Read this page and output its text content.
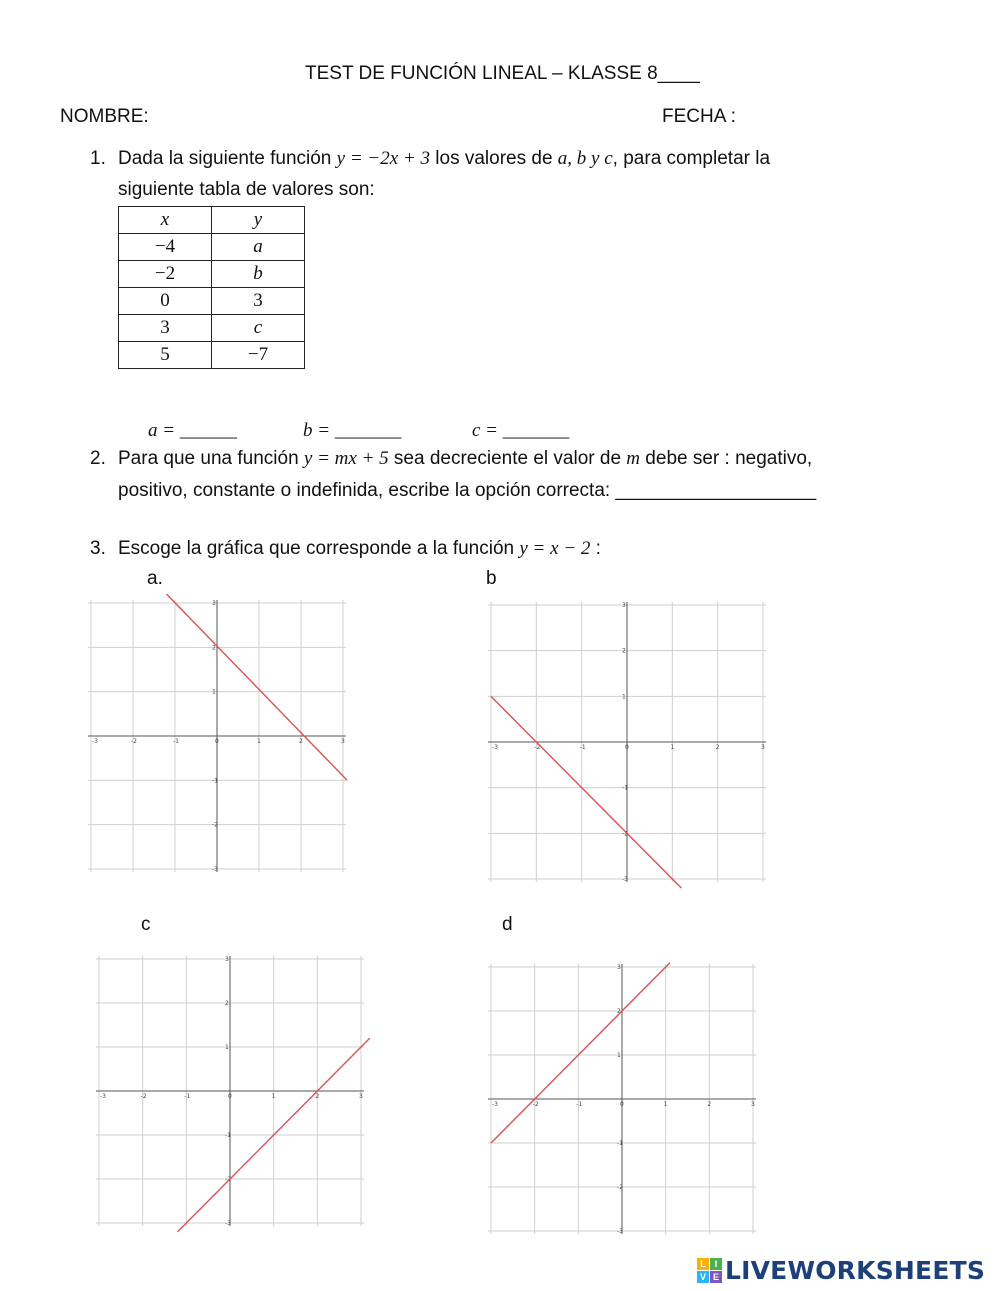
TEST DE FUNCIÓN LINEAL – KLASSE 8____
NOMBRE:	FECHA :
1. Dada la siguiente función y = −2x + 3 los valores de a, b y c, para completar la
siguiente tabla de valores son:
x	y
−4	a
−2	b
0	3
3	c
5	−7
a = ______	b = _______	c = _______
2. Para que una función y = mx + 5 sea decreciente el valor de m debe ser : negativo,
positivo, constante o indefinida, escribe la opción correcta: ___________________
3. Escoge la gráfica que corresponde a la función y = x − 2 :
a.	b
c	d
-3
-3
-2
-2
-1
-1
0	1
1
2
2
3
3
-3
-3
-2
-2
-1
-1
0	1
1
2
2
3
3
-3
-3
-2
-2
-1
-1
0	1
1
2
2
3
3
-3
-3
-2
-2
-1
-1
0	1
1
2
2
3
3
L I
V E LIVEWORKSHEETS
